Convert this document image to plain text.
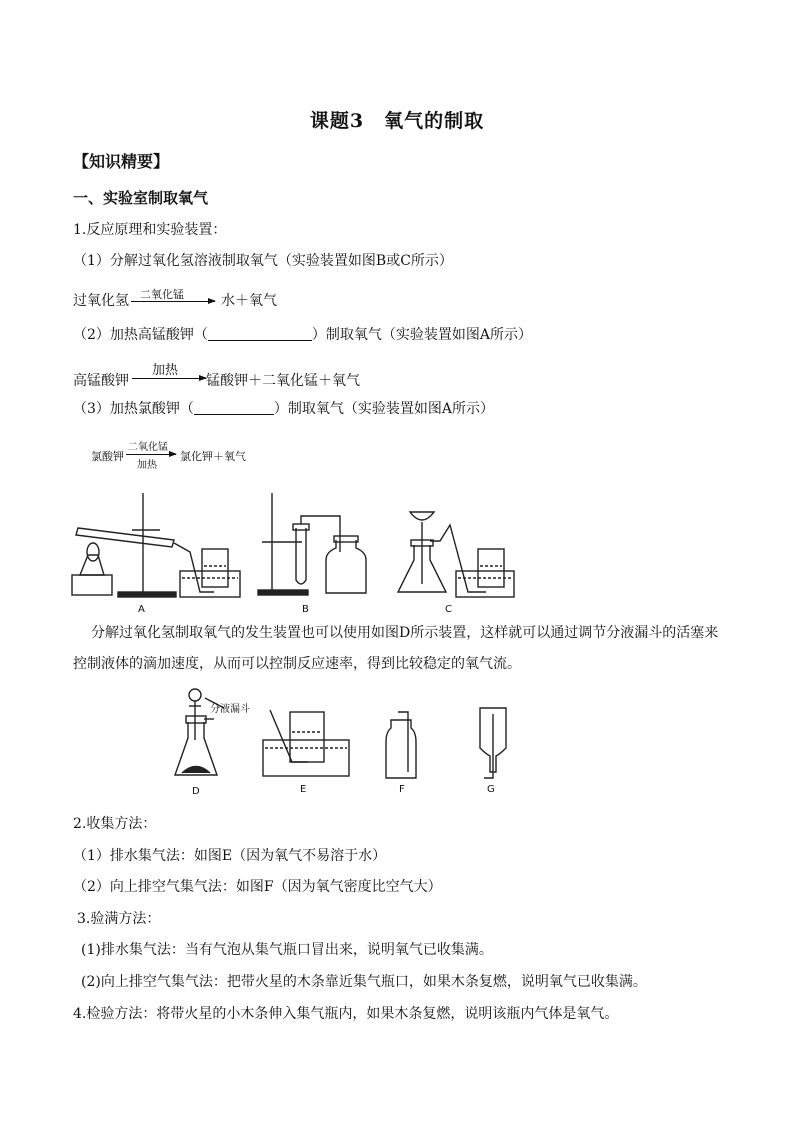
课题3　氧气的制取
【知识精要】
一、实验室制取氧气
1.反应原理和实验装置：
（1）分解过氧化氢溶液制取氧气（实验装置如图B或C所示）
过氧化氢 二氧化锰	水＋氧气
（2）加热高锰酸钾（	）制取氧气（实验装置如图A所示）
加热
高锰酸钾	锰酸钾＋二氧化锰＋氧气
（3）加热氯酸钾（	）制取氧气（实验装置如图A所示）
氯酸钾
二氧化锰
加热
氯化钾＋氧气
A	B	C
分解过氧化氢制取氧气的发生装置也可以使用如图D所示装置，这样就可以通过调节分液漏斗的活塞来
控制液体的滴加速度，从而可以控制反应速率，得到比较稳定的氧气流。
分液漏斗
D	E	F	G
2.收集方法：
（1）排水集气法：如图E（因为氧气不易溶于水）
（2）向上排空气集气法：如图F（因为氧气密度比空气大）
3.验满方法：
(1)排水集气法：当有气泡从集气瓶口冒出来，说明氧气已收集满。
(2)向上排空气集气法：把带火星的木条靠近集气瓶口，如果木条复燃，说明氧气已收集满。
4.检验方法：将带火星的小木条伸入集气瓶内，如果木条复燃，说明该瓶内气体是氧气。
